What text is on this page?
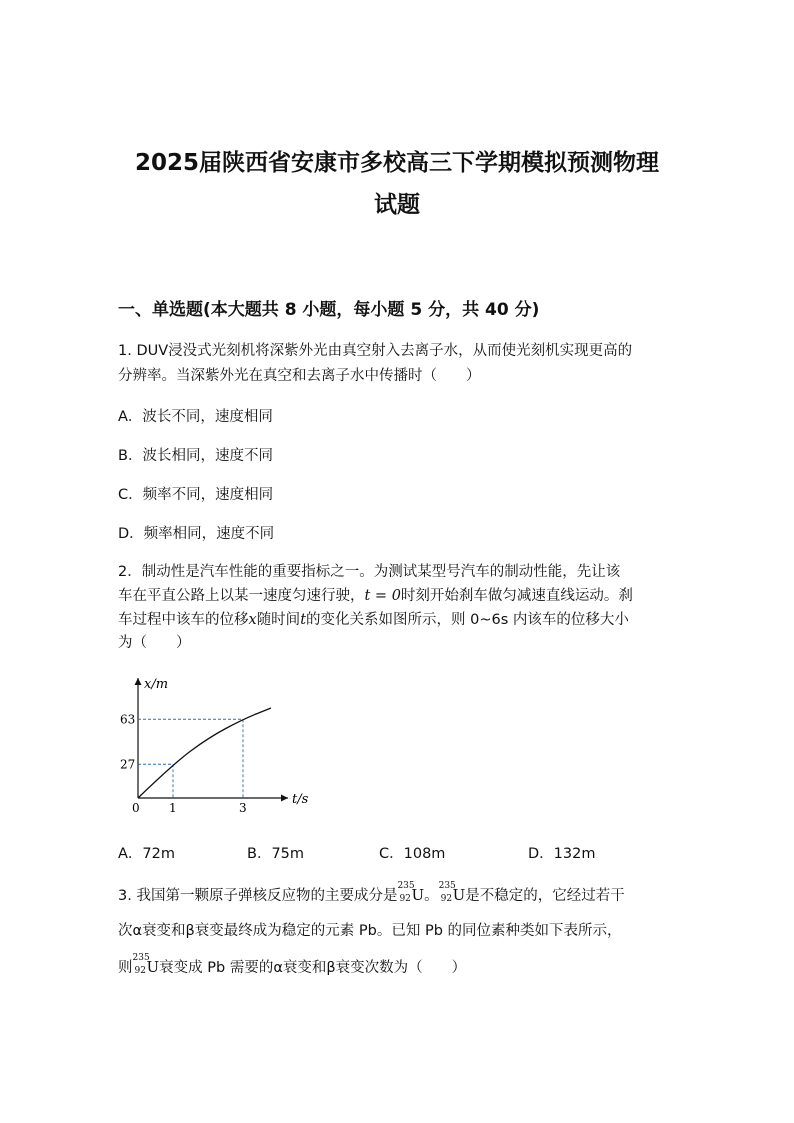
2025届陕西省安康市多校高三下学期模拟预测物理
试题
一、单选题(本大题共 8 小题，每小题 5 分，共 40 分)
1. DUV浸没式光刻机将深紫外光由真空射入去离子水，从而使光刻机实现更高的
分辨率。当深紫外光在真空和去离子水中传播时（　　）
A．波长不同，速度相同
B．波长相同，速度不同
C．频率不同，速度相同
D．频率相同，速度不同
2．制动性是汽车性能的重要指标之一。为测试某型号汽车的制动性能，先让该
车在平直公路上以某一速度匀速行驶，t = 0时刻开始刹车做匀减速直线运动。刹
车过程中该车的位移x随时间t的变化关系如图所示，则 0~6s 内该车的位移大小
为（　　）
x/m
t/s
0 1	3
27
63
A．72m	B．75m	C．108m	D．132m
3. 我国第一颗原子弹核反应物的主要成分是
235
92 U。
235
92 U是不稳定的，它经过若干
次α衰变和β衰变最终成为稳定的元素 Pb。已知 Pb 的同位素种类如下表所示，
则
235
92 U衰变成 Pb 需要的α衰变和β衰变次数为（　　）
